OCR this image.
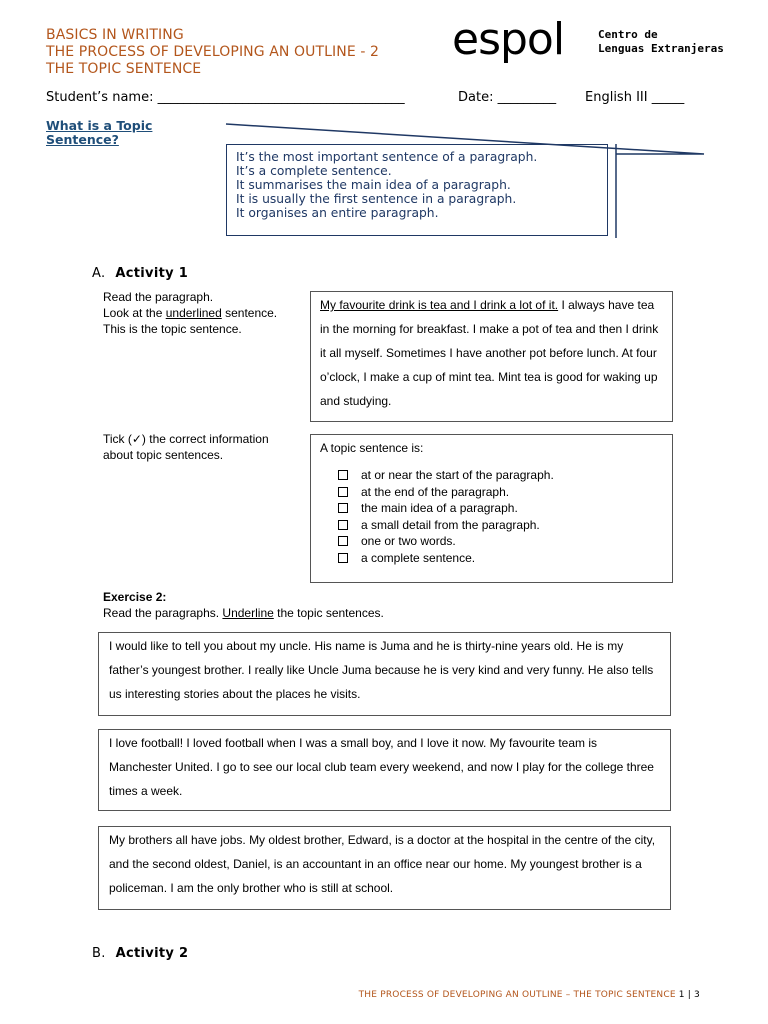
BASICS IN WRITING
THE PROCESS OF DEVELOPING AN OUTLINE - 2
THE TOPIC SENTENCE
espol	Centro de
Lenguas Extranjeras
Student’s name: ______________________________________	Date: _________ English III _____
What is a Topic
Sentence?
It’s the most important sentence of a paragraph.
It’s a complete sentence.
It summarises the main idea of a paragraph.
It is usually the first sentence in a paragraph.
It organises an entire paragraph.
A. Activity 1
Read the paragraph.
Look at the underlined sentence.
This is the topic sentence.
My favourite drink is tea and I drink a lot of it. I always have tea in the morning for breakfast. I make a pot of tea and then I drink it all myself. Sometimes I have another pot before lunch. At four o’clock, I make a cup of mint tea. Mint tea is good for waking up and studying.
Tick (✓) the correct information
about topic sentences.	A topic sentence is:
at or near the start of the paragraph.
at the end of the paragraph.
the main idea of a paragraph.
a small detail from the paragraph.
one or two words.
a complete sentence.
Exercise 2:
Read the paragraphs. Underline the topic sentences.
I would like to tell you about my uncle. His name is Juma and he is thirty-nine years old. He is my father’s youngest brother. I really like Uncle Juma because he is very kind and very funny. He also tells us interesting stories about the places he visits.
I love football! I loved football when I was a small boy, and I love it now. My favourite team is Manchester United. I go to see our local club team every weekend, and now I play for the college three times a week.
My brothers all have jobs. My oldest brother, Edward, is a doctor at the hospital in the centre of the city, and the second oldest, Daniel, is an accountant in an office near our home. My youngest brother is a policeman. I am the only brother who is still at school.
B. Activity 2
THE PROCESS OF DEVELOPING AN OUTLINE – THE TOPIC SENTENCE 1 | 3
